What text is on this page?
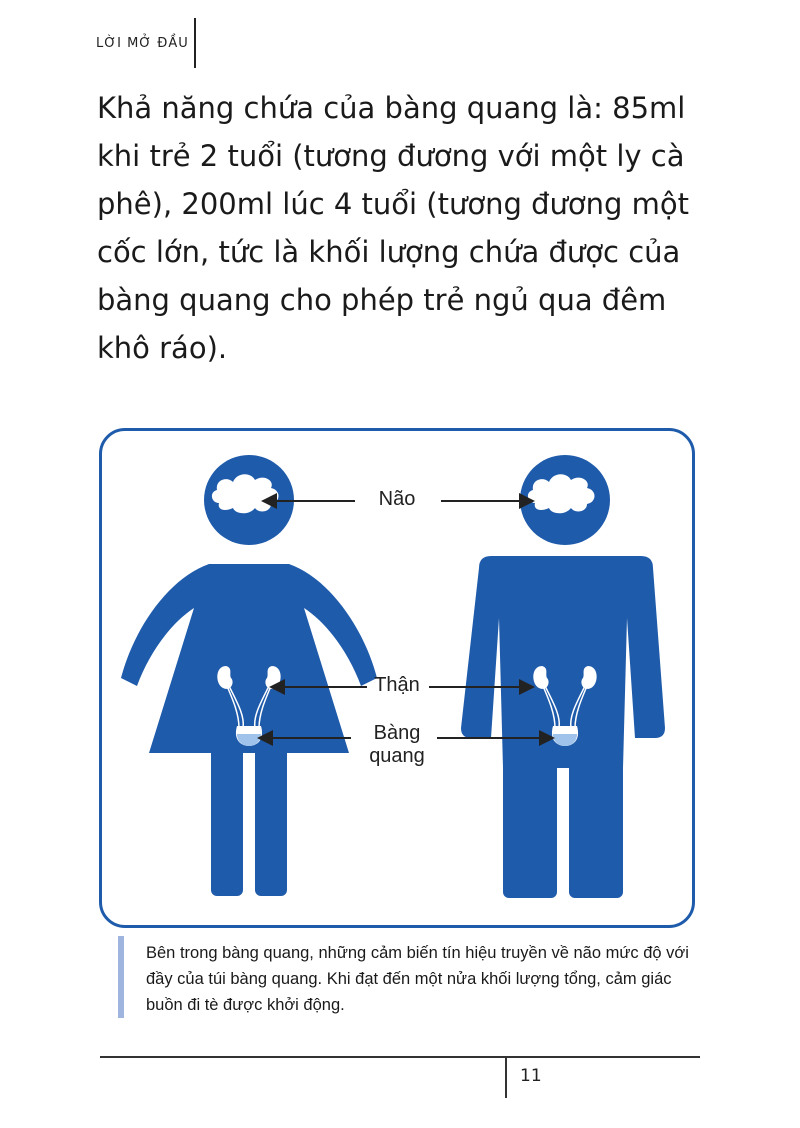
LỜI MỞ ĐẦU
Khả năng chứa của bàng quang là: 85ml khi trẻ 2 tuổi (tương đương với một ly cà phê), 200ml lúc 4 tuổi (tương đương một cốc lớn, tức là khối lượng chứa được của bàng quang cho phép trẻ ngủ qua đêm khô ráo).
Não
Thận
Bàng
quang
Bên trong bàng quang, những cảm biến tín hiệu truyền về não mức độ với đầy của túi bàng quang. Khi đạt đến một nửa khối lượng tổng, cảm giác buồn đi tè được khởi động.
11
